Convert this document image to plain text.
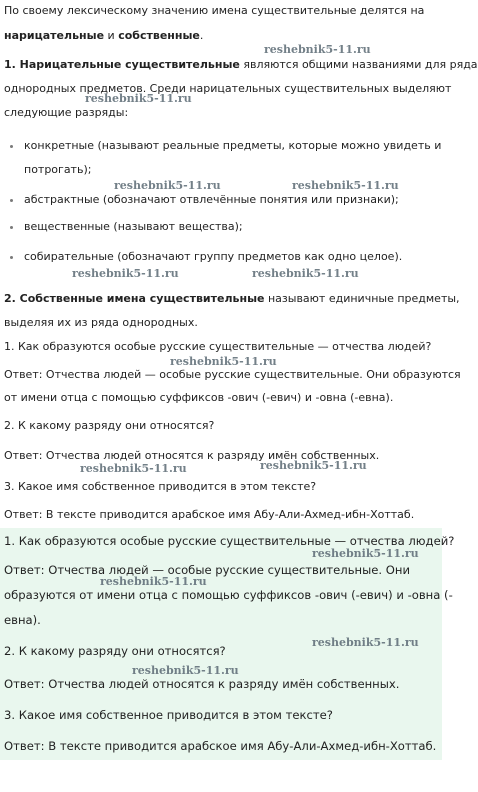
По своему лексическому значению имена существительные делятся на
нарицательные и собственные.
1. Нарицательные существительные являются общими названиями для ряда
однородных предметов. Среди нарицательных существительных выделяют
следующие разряды:
конкретные (называют реальные предметы, которые можно увидеть и
потрогать);
абстрактные (обозначают отвлечённые понятия или признаки);
вещественные (называют вещества);
собирательные (обозначают группу предметов как одно целое).
2. Собственные имена существительные называют единичные предметы,
выделяя их из ряда однородных.
1. Как образуются особые русские существительные — отчества людей?
Ответ: Отчества людей — особые русские существительные. Они образуются
от имени отца с помощью суффиксов -ович (-евич) и -овна (-евна).
2. К какому разряду они относятся?
Ответ: Отчества людей относятся к разряду имён собственных.
3. Какое имя собственное приводится в этом тексте?
Ответ: В тексте приводится арабское имя Абу-Али-Ахмед-ибн-Хоттаб.
1. Как образуются особые русские существительные — отчества людей?
Ответ: Отчества людей — особые русские существительные. Они
образуются от имени отца с помощью суффиксов -ович (-евич) и -овна (-
евна).
2. К какому разряду они относятся?
Ответ: Отчества людей относятся к разряду имён собственных.
3. Какое имя собственное приводится в этом тексте?
Ответ: В тексте приводится арабское имя Абу-Али-Ахмед-ибн-Хоттаб.
reshebnik5-11.ru
reshebnik5-11.ru
reshebnik5-11.ru	reshebnik5-11.ru
reshebnik5-11.ru	reshebnik5-11.ru
reshebnik5-11.ru
reshebnik5-11.ru	reshebnik5-11.ru
reshebnik5-11.ru
reshebnik5-11.ru
reshebnik5-11.ru
reshebnik5-11.ru
